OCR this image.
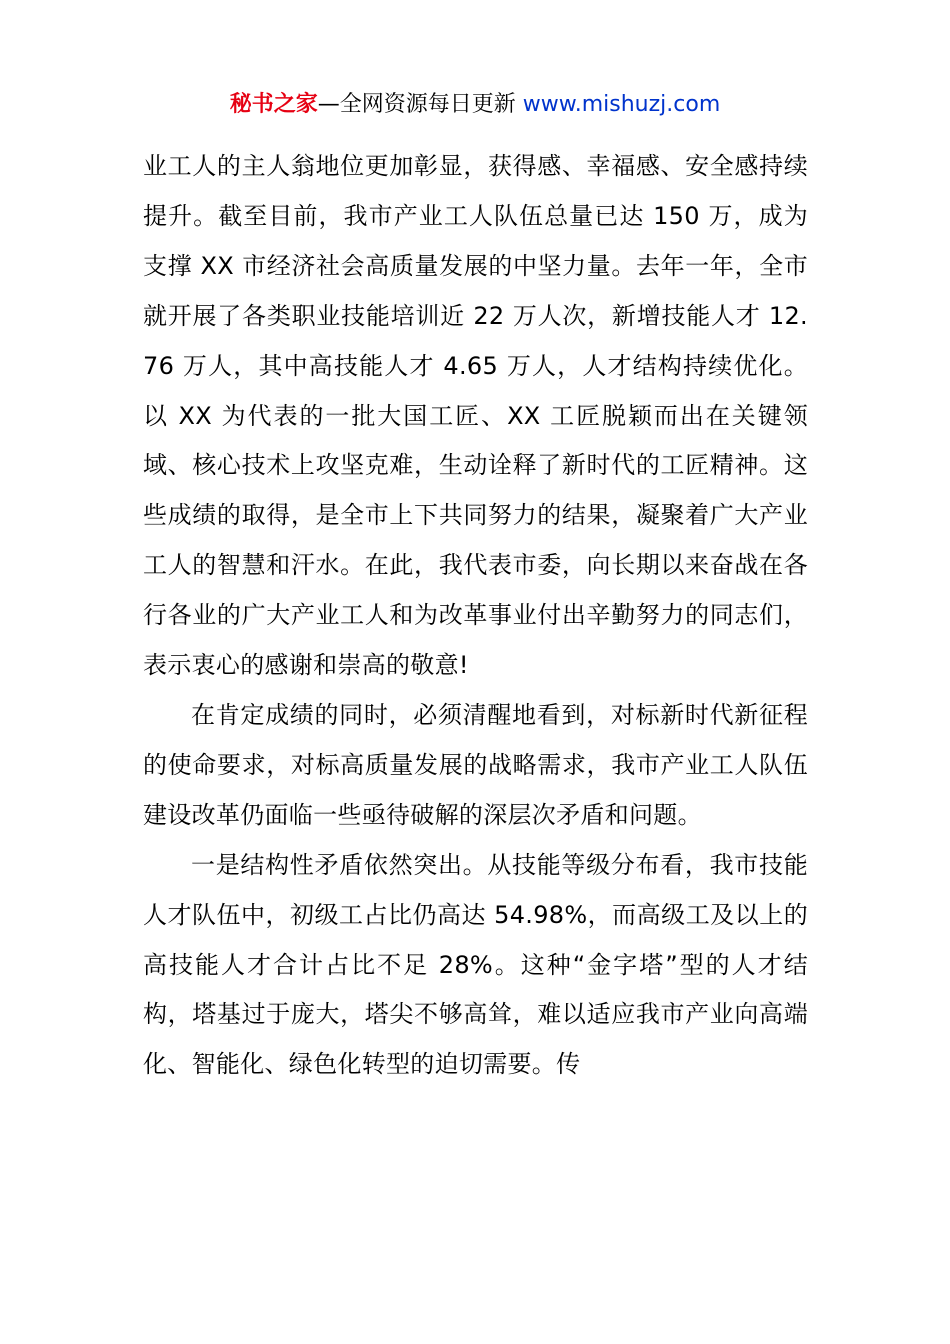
秘书之家—全网资源每日更新 www.mishuzj.com

业工人的主人翁地位更加彰显，获得感、幸福感、安全感持续提升。截至目前，我市产业工人队伍总量已达 150 万，成为支撑 XX 市经济社会高质量发展的中坚力量。去年一年，全市就开展了各类职业技能培训近 22 万人次，新增技能人才 12.76 万人，其中高技能人才 4.65 万人，人才结构持续优化。以 XX 为代表的一批大国工匠、XX 工匠脱颖而出在关键领域、核心技术上攻坚克难，生动诠释了新时代的工匠精神。这些成绩的取得，是全市上下共同努力的结果，凝聚着广大产业工人的智慧和汗水。在此，我代表市委，向长期以来奋战在各行各业的广大产业工人和为改革事业付出辛勤努力的同志们，表示衷心的感谢和崇高的敬意!

在肯定成绩的同时，必须清醒地看到，对标新时代新征程的使命要求，对标高质量发展的战略需求，我市产业工人队伍建设改革仍面临一些亟待破解的深层次矛盾和问题。

一是结构性矛盾依然突出。从技能等级分布看，我市技能人才队伍中，初级工占比仍高达 54.98%，而高级工及以上的高技能人才合计占比不足 28%。这种“金字塔”型的人才结构，塔基过于庞大，塔尖不够高耸，难以适应我市产业向高端化、智能化、绿色化转型的迫切需要。传
